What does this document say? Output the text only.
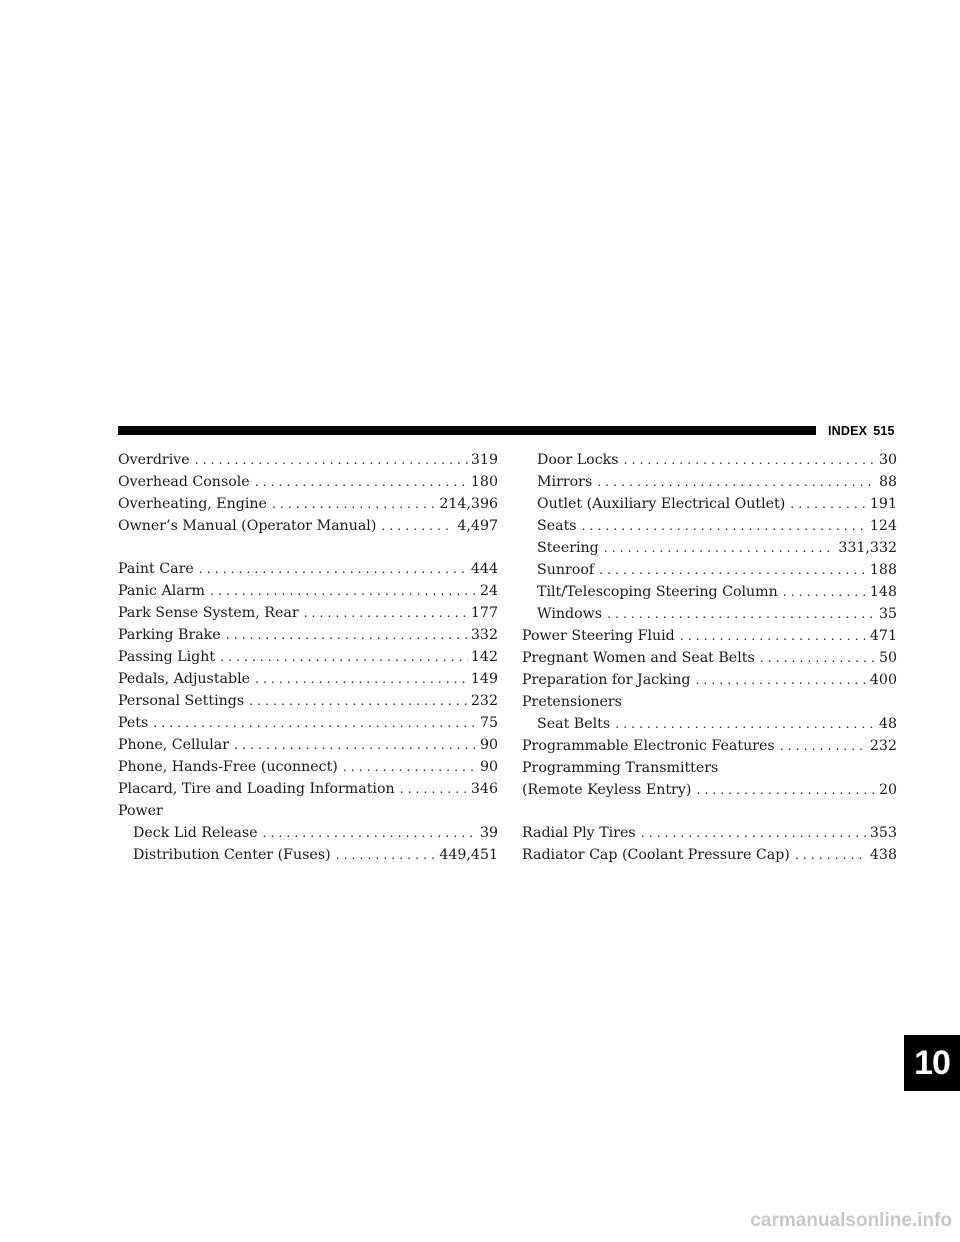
INDEX 515
Overdrive . . .	319
Overhead Console . . .	180
Overheating, Engine . . .	214,396
Owner’s Manual (Operator Manual) . . .	4,497
Paint Care . . .	444
Panic Alarm . . .	24
Park Sense System, Rear . . .	177
Parking Brake . . .	332
Passing Light . . .	142
Pedals, Adjustable . . .	149
Personal Settings . . .	232
Pets . . .	75
Phone, Cellular . . .	90
Phone, Hands-Free (uconnect) . . .	90
Placard, Tire and Loading Information . . .	346
Power
Deck Lid Release . . .	39
Distribution Center (Fuses) . . .	449,451
Door Locks . . .	30
Mirrors . . .	88
Outlet (Auxiliary Electrical Outlet) . . .	191
Seats . . .	124
Steering . . .	331,332
Sunroof . . .	188
Tilt/Telescoping Steering Column . . .	148
Windows . . .	35
Power Steering Fluid . . .	471
Pregnant Women and Seat Belts . . .	50
Preparation for Jacking . . .	400
Pretensioners
Seat Belts . . .	48
Programmable Electronic Features . . .	232
Programming Transmitters
(Remote Keyless Entry) . . .	20
Radial Ply Tires . . .	353
Radiator Cap (Coolant Pressure Cap) . . .	438
10
carmanualsonline.info
